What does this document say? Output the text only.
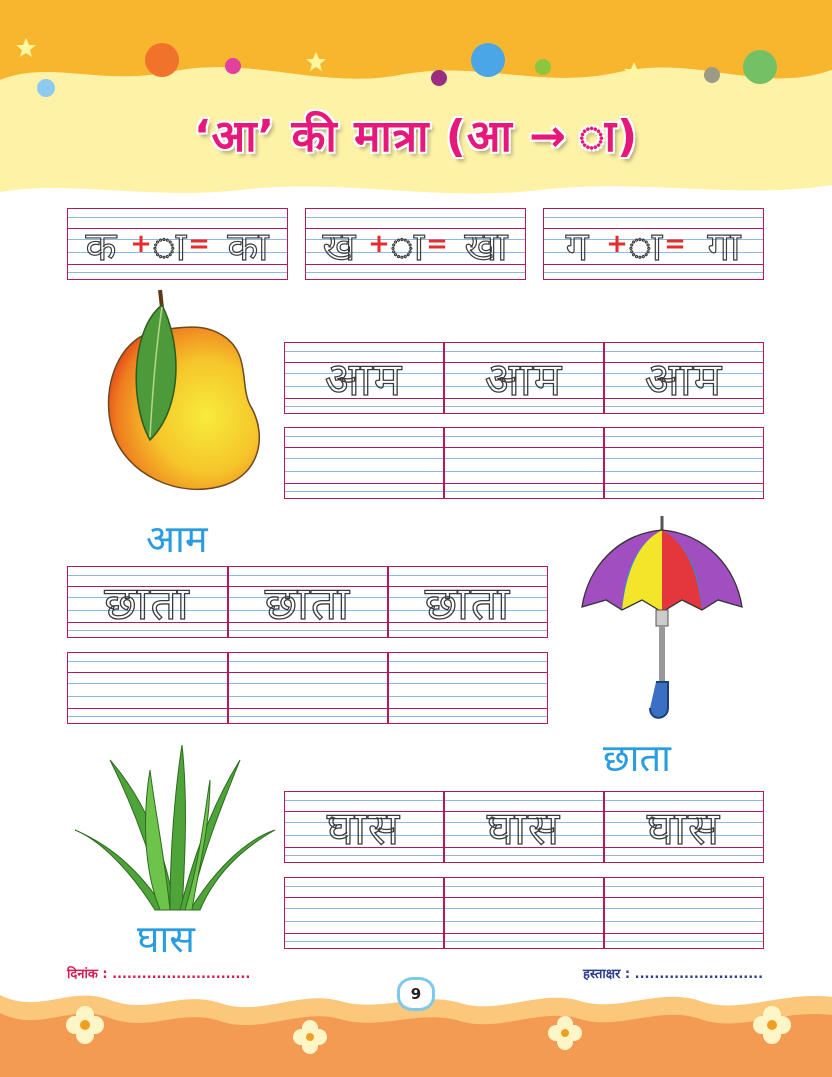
‘आ’ की मात्रा (आ → ा)
क + ा = का ख + ा = खा ग + ा = गा
आम
आम आम आम
छाता छाता छाता
छाता
घास
घास घास घास
दिनांक : ............................	हस्ताक्षर : ..........................
9
